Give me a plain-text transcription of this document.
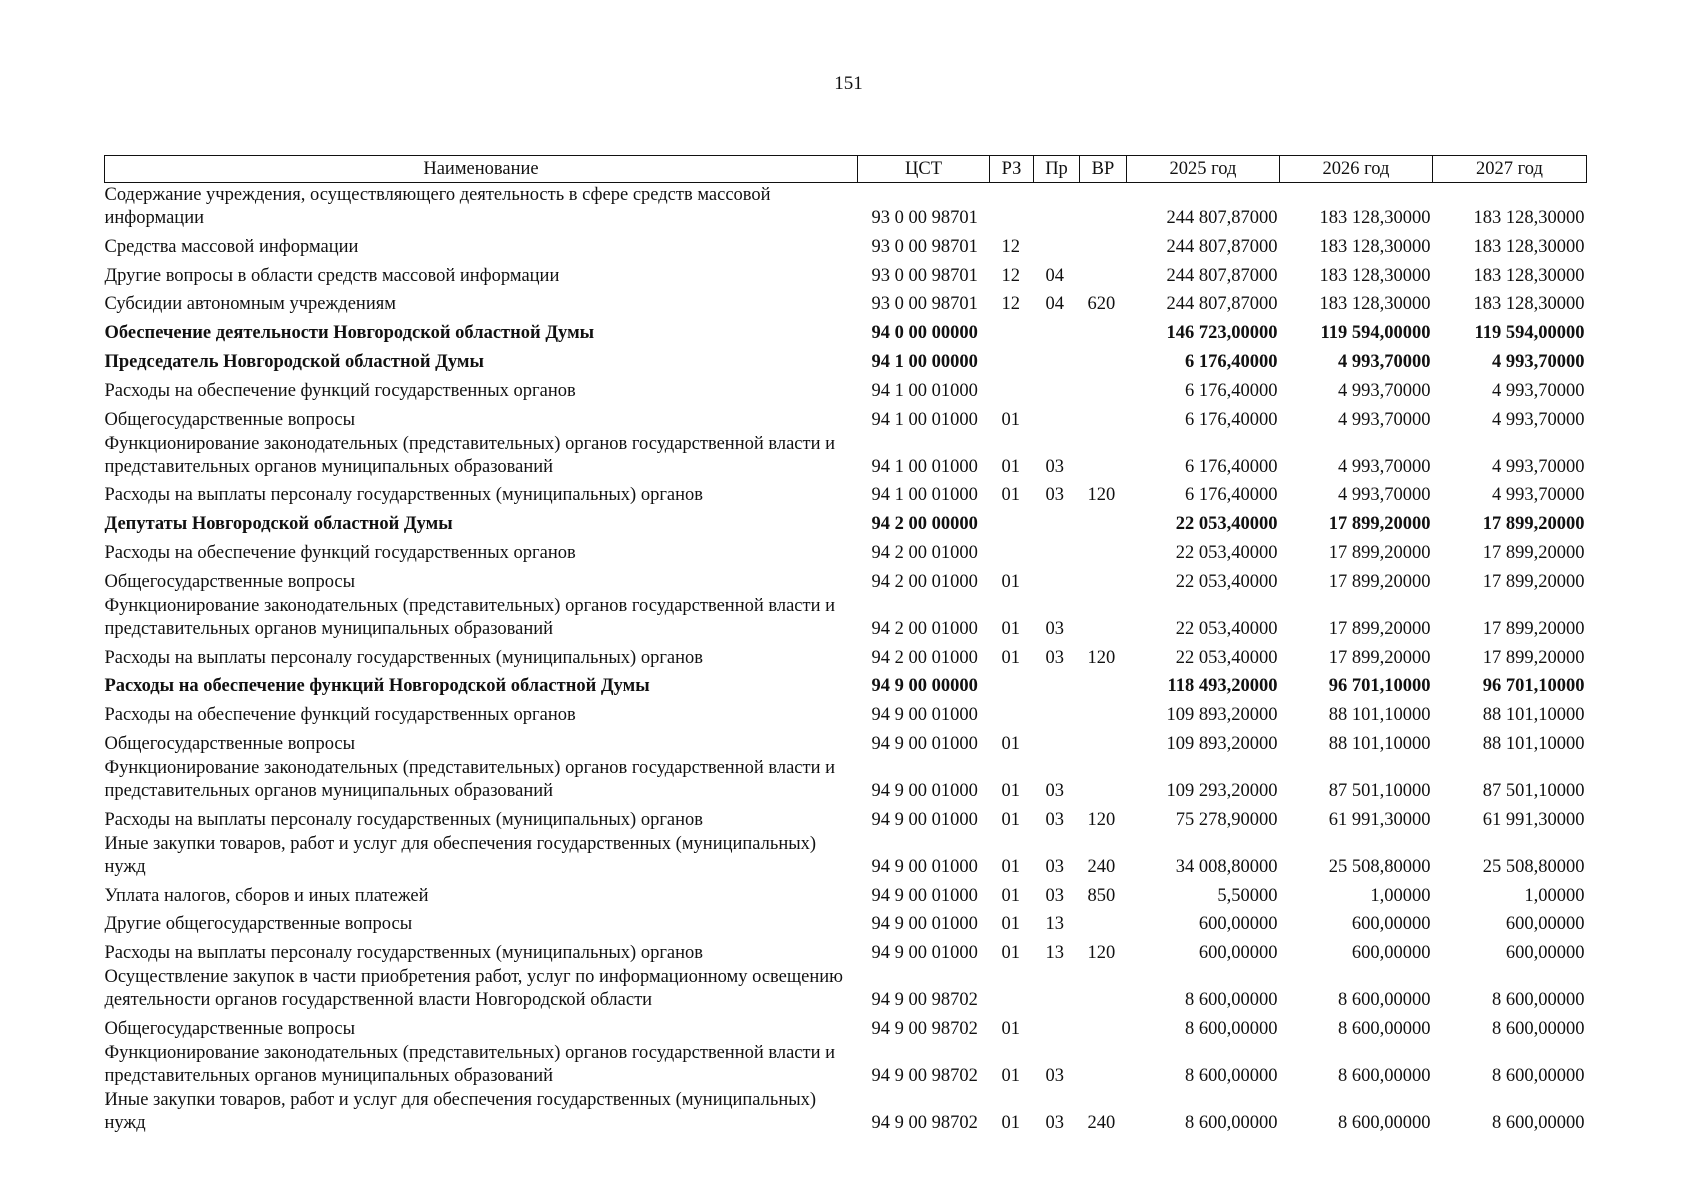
151
Наименование	ЦСТ	РЗ	Пр	ВР	2025 год	2026 год	2027 год
Содержание учреждения, осуществляющего деятельность в сфере средств массовой информации	93 0 00 98701				244 807,87000	183 128,30000	183 128,30000
Средства массовой информации	93 0 00 98701	12			244 807,87000	183 128,30000	183 128,30000
Другие вопросы в области средств массовой информации	93 0 00 98701	12	04		244 807,87000	183 128,30000	183 128,30000
Субсидии автономным учреждениям	93 0 00 98701	12	04	620	244 807,87000	183 128,30000	183 128,30000
Обеспечение деятельности Новгородской областной Думы	94 0 00 00000				146 723,00000	119 594,00000	119 594,00000
Председатель Новгородской областной Думы	94 1 00 00000				6 176,40000	4 993,70000	4 993,70000
Расходы на обеспечение функций государственных органов	94 1 00 01000				6 176,40000	4 993,70000	4 993,70000
Общегосударственные вопросы	94 1 00 01000	01			6 176,40000	4 993,70000	4 993,70000
Функционирование законодательных (представительных) органов государственной власти и представительных органов муниципальных образований	94 1 00 01000	01	03		6 176,40000	4 993,70000	4 993,70000
Расходы на выплаты персоналу государственных (муниципальных) органов	94 1 00 01000	01	03	120	6 176,40000	4 993,70000	4 993,70000
Депутаты Новгородской областной Думы	94 2 00 00000				22 053,40000	17 899,20000	17 899,20000
Расходы на обеспечение функций государственных органов	94 2 00 01000				22 053,40000	17 899,20000	17 899,20000
Общегосударственные вопросы	94 2 00 01000	01			22 053,40000	17 899,20000	17 899,20000
Функционирование законодательных (представительных) органов государственной власти и представительных органов муниципальных образований	94 2 00 01000	01	03		22 053,40000	17 899,20000	17 899,20000
Расходы на выплаты персоналу государственных (муниципальных) органов	94 2 00 01000	01	03	120	22 053,40000	17 899,20000	17 899,20000
Расходы на обеспечение функций Новгородской областной Думы	94 9 00 00000				118 493,20000	96 701,10000	96 701,10000
Расходы на обеспечение функций государственных органов	94 9 00 01000				109 893,20000	88 101,10000	88 101,10000
Общегосударственные вопросы	94 9 00 01000	01			109 893,20000	88 101,10000	88 101,10000
Функционирование законодательных (представительных) органов государственной власти и представительных органов муниципальных образований	94 9 00 01000	01	03		109 293,20000	87 501,10000	87 501,10000
Расходы на выплаты персоналу государственных (муниципальных) органов	94 9 00 01000	01	03	120	75 278,90000	61 991,30000	61 991,30000
Иные закупки товаров, работ и услуг для обеспечения государственных (муниципальных) нужд	94 9 00 01000	01	03	240	34 008,80000	25 508,80000	25 508,80000
Уплата налогов, сборов и иных платежей	94 9 00 01000	01	03	850	5,50000	1,00000	1,00000
Другие общегосударственные вопросы	94 9 00 01000	01	13		600,00000	600,00000	600,00000
Расходы на выплаты персоналу государственных (муниципальных) органов	94 9 00 01000	01	13	120	600,00000	600,00000	600,00000
Осуществление закупок в части приобретения работ, услуг по информационному освещению деятельности органов государственной власти Новгородской области	94 9 00 98702				8 600,00000	8 600,00000	8 600,00000
Общегосударственные вопросы	94 9 00 98702	01			8 600,00000	8 600,00000	8 600,00000
Функционирование законодательных (представительных) органов государственной власти и представительных органов муниципальных образований	94 9 00 98702	01	03		8 600,00000	8 600,00000	8 600,00000
Иные закупки товаров, работ и услуг для обеспечения государственных (муниципальных) нужд	94 9 00 98702	01	03	240	8 600,00000	8 600,00000	8 600,00000
